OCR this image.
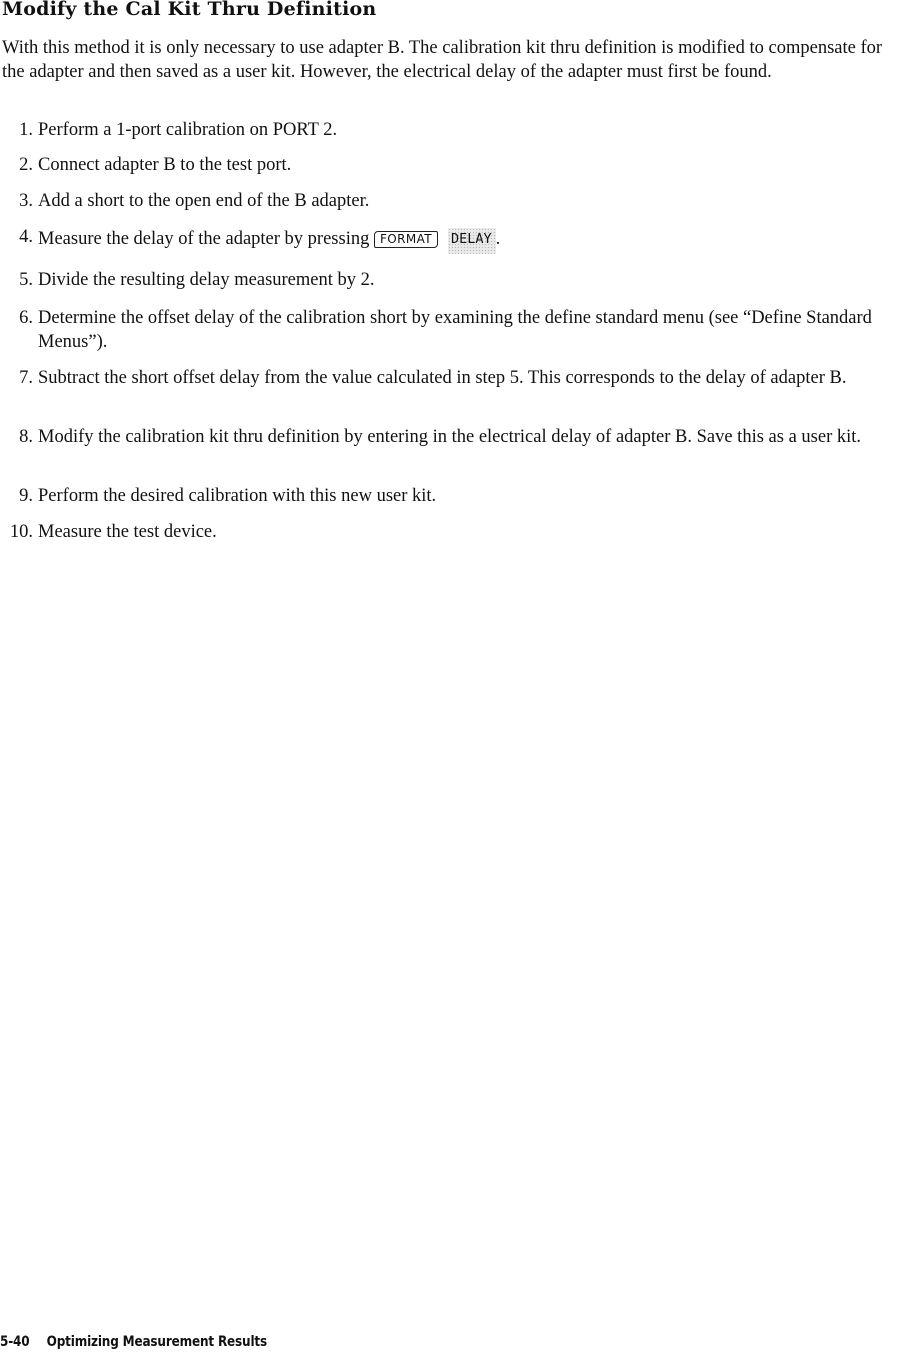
Modify the Cal Kit Thru Definition

With this method it is only necessary to use adapter B. The calibration kit thru definition is modified to compensate for the adapter and then saved as a user kit. However, the electrical delay of the adapter must first be found.

1. Perform a 1-port calibration on PORT 2.
2. Connect adapter B to the test port.
3. Add a short to the open end of the B adapter.
4. Measure the delay of the adapter by pressing FORMAT DELAY .
5. Divide the resulting delay measurement by 2.
6. Determine the offset delay of the calibration short by examining the define standard menu (see “Define Standard Menus”).
7. Subtract the short offset delay from the value calculated in step 5. This corresponds to the delay of adapter B.
8. Modify the calibration kit thru definition by entering in the electrical delay of adapter B. Save this as a user kit.
9. Perform the desired calibration with this new user kit.
10. Measure the test device.
5-40 Optimizing Measurement Results
